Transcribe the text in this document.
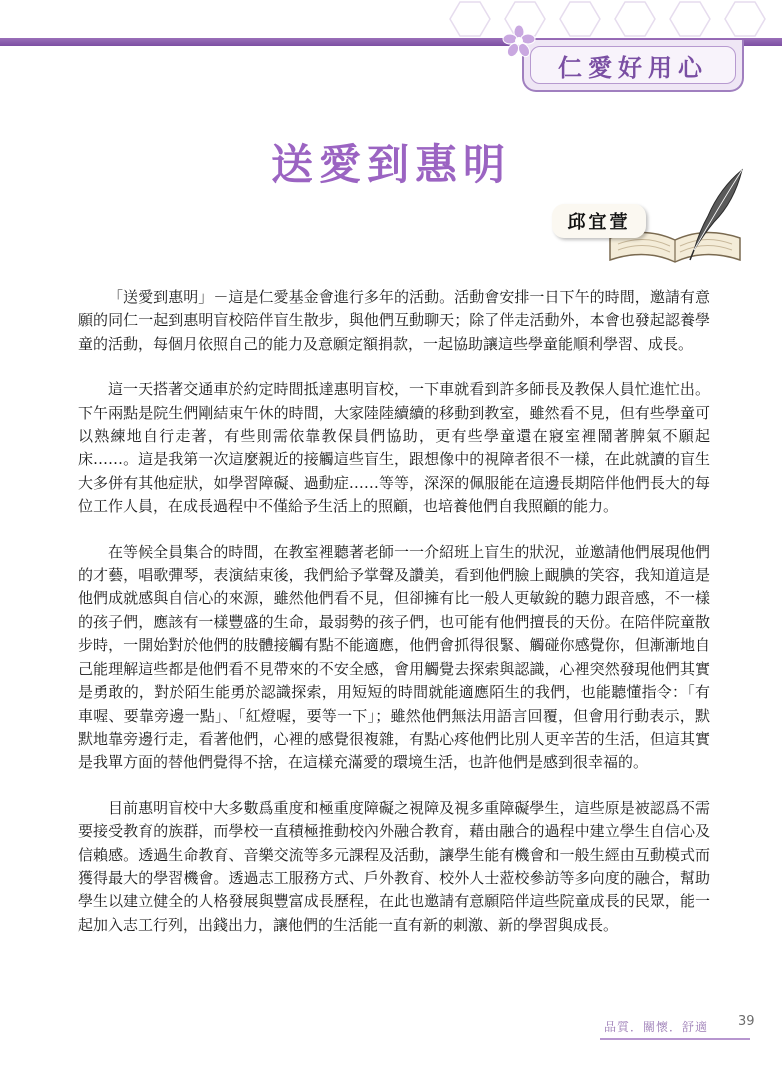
仁愛好用心
送愛到惠明
邱宜萱

「送愛到惠明」－這是仁愛基金會進行多年的活動。活動會安排一日下午的時間，邀請有意願的同仁一起到惠明盲校陪伴盲生散步，與他們互動聊天；除了伴走活動外，本會也發起認養學童的活動，每個月依照自己的能力及意願定額捐款，一起協助讓這些學童能順利學習、成長。

這一天搭著交通車於約定時間抵達惠明盲校，一下車就看到許多師長及教保人員忙進忙出。下午兩點是院生們剛結束午休的時間，大家陸陸續續的移動到教室，雖然看不見，但有些學童可以熟練地自行走著，有些則需依靠教保員們協助，更有些學童還在寢室裡鬧著脾氣不願起床……。這是我第一次這麼親近的接觸這些盲生，跟想像中的視障者很不一樣，在此就讀的盲生大多併有其他症狀，如學習障礙、過動症……等等，深深的佩服能在這邊長期陪伴他們長大的每位工作人員，在成長過程中不僅給予生活上的照顧，也培養他們自我照顧的能力。

在等候全員集合的時間，在教室裡聽著老師一一介紹班上盲生的狀況，並邀請他們展現他們的才藝，唱歌彈琴，表演結束後，我們給予掌聲及讚美，看到他們臉上靦腆的笑容，我知道這是他們成就感與自信心的來源，雖然他們看不見，但卻擁有比一般人更敏銳的聽力跟音感，不一樣的孩子們，應該有一樣豐盛的生命，最弱勢的孩子們，也可能有他們擅長的天份。在陪伴院童散步時，一開始對於他們的肢體接觸有點不能適應，他們會抓得很緊、觸碰你感覺你，但漸漸地自己能理解這些都是他們看不見帶來的不安全感，會用觸覺去探索與認識，心裡突然發現他們其實是勇敢的，對於陌生能勇於認識探索，用短短的時間就能適應陌生的我們，也能聽懂指令：「有車喔、要靠旁邊一點」、「紅燈喔，要等一下」；雖然他們無法用語言回覆，但會用行動表示，默默地靠旁邊行走，看著他們，心裡的感覺很複雜，有點心疼他們比別人更辛苦的生活，但這其實是我單方面的替他們覺得不捨，在這樣充滿愛的環境生活，也許他們是感到很幸福的。

目前惠明盲校中大多數爲重度和極重度障礙之視障及視多重障礙學生，這些原是被認爲不需要接受教育的族群，而學校一直積極推動校內外融合教育，藉由融合的過程中建立學生自信心及信賴感。透過生命教育、音樂交流等多元課程及活動，讓學生能有機會和一般生經由互動模式而獲得最大的學習機會。透過志工服務方式、戶外教育、校外人士蒞校參訪等多向度的融合，幫助學生以建立健全的人格發展與豐富成長歷程，在此也邀請有意願陪伴這些院童成長的民眾，能一起加入志工行列，出錢出力，讓他們的生活能一直有新的刺激、新的學習與成長。

品質．關懷．舒適 39
